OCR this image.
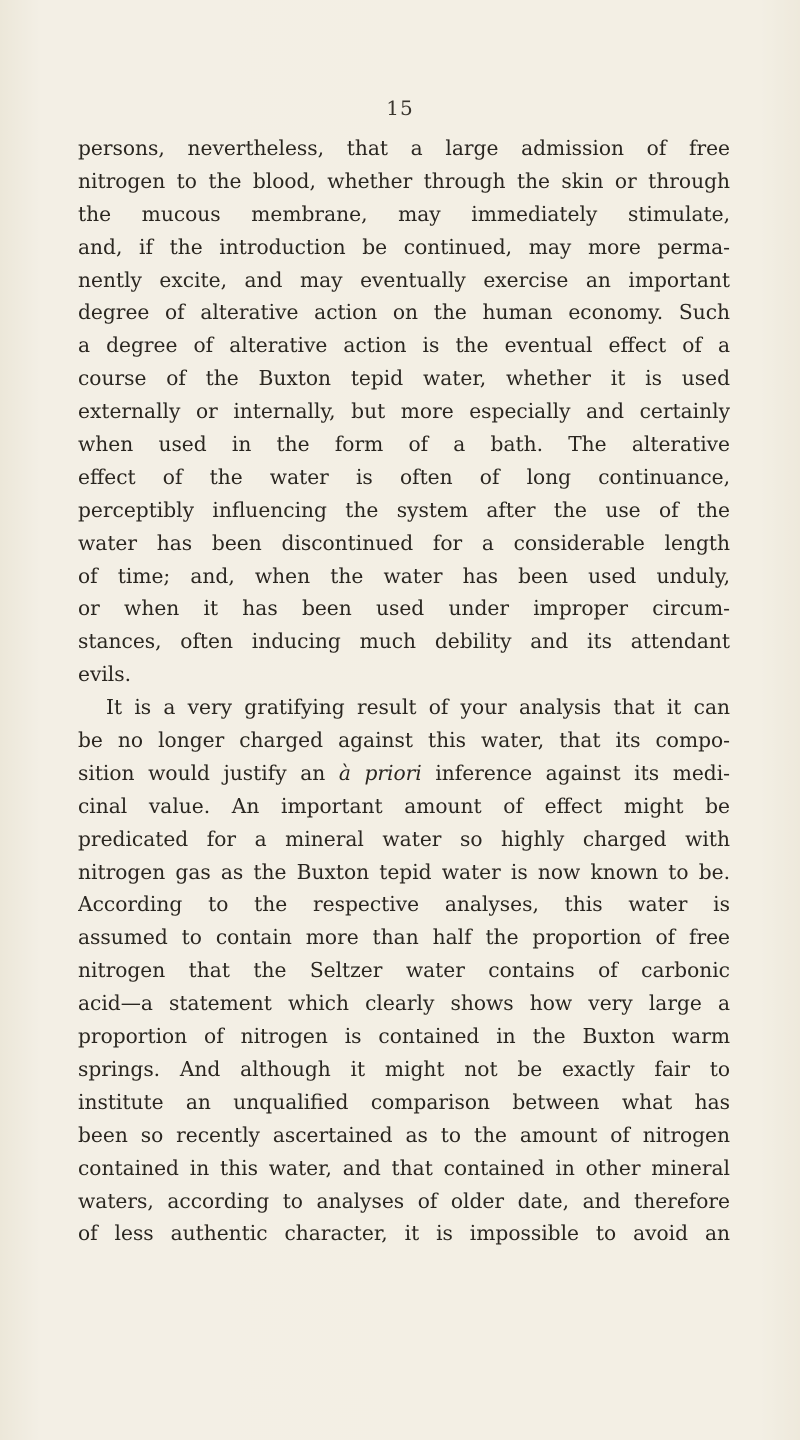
15
persons, nevertheless, that a large admission of free
nitrogen to the blood, whether through the skin or through
the mucous membrane, may immediately stimulate,
and, if the introduction be continued, may more perma-
nently excite, and may eventually exercise an important
degree of alterative action on the human economy. Such
a degree of alterative action is the eventual effect of a
course of the Buxton tepid water, whether it is used
externally or internally, but more especially and certainly
when used in the form of a bath. The alterative
effect of the water is often of long continuance,
perceptibly influencing the system after the use of the
water has been discontinued for a considerable length
of time; and, when the water has been used unduly,
or when it has been used under improper circum-
stances, often inducing much debility and its attendant
evils.
It is a very gratifying result of your analysis that it can
be no longer charged against this water, that its compo-
sition would justify an à priori inference against its medi-
cinal value. An important amount of effect might be
predicated for a mineral water so highly charged with
nitrogen gas as the Buxton tepid water is now known to be.
According to the respective analyses, this water is
assumed to contain more than half the proportion of free
nitrogen that the Seltzer water contains of carbonic
acid—a statement which clearly shows how very large a
proportion of nitrogen is contained in the Buxton warm
springs. And although it might not be exactly fair to
institute an unqualified comparison between what has
been so recently ascertained as to the amount of nitrogen
contained in this water, and that contained in other mineral
waters, according to analyses of older date, and therefore
of less authentic character, it is impossible to avoid an
